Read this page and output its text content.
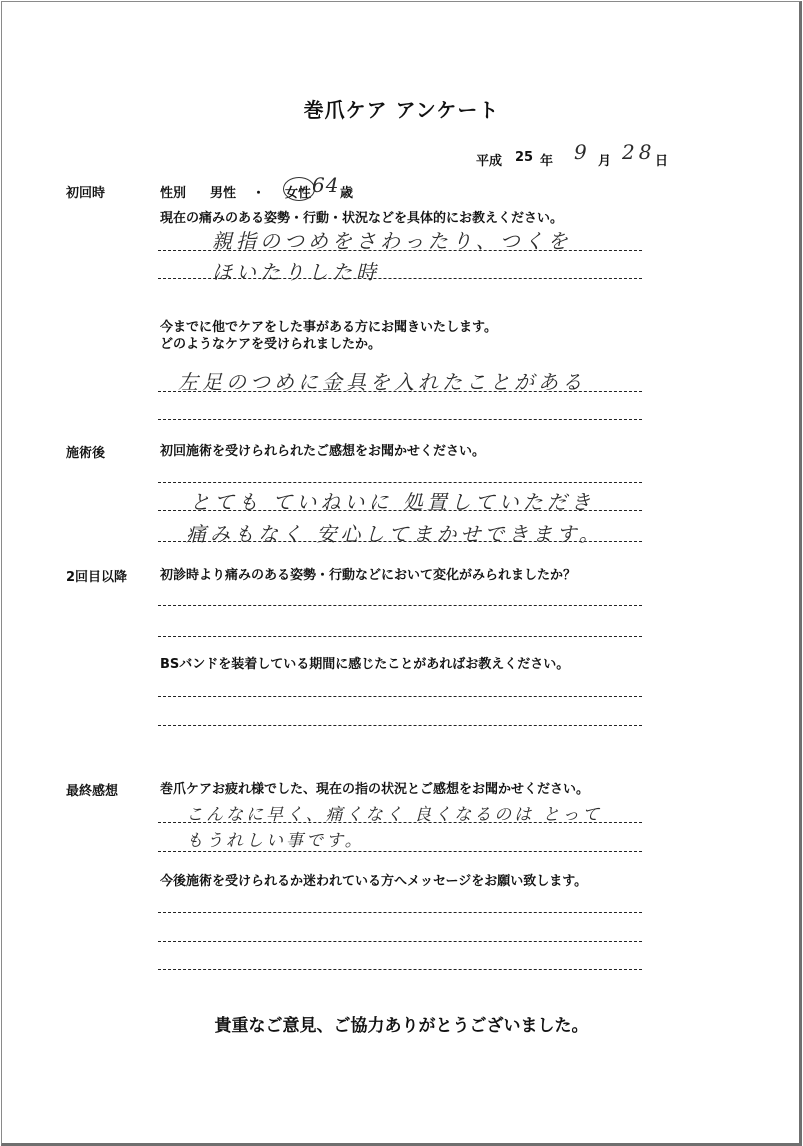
巻爪ケア アンケート
平成 25 年 9 月 28 日
初回時	性別 男性 ・ 女性 64 歳
現在の痛みのある姿勢・行動・状況などを具体的にお教えください。
親指のつめをさわったり、つくを
ほいたりした時
今までに他でケアをした事がある方にお聞きいたします。
どのようなケアを受けられましたか。
左足のつめに金具を入れたことがある
施術後	初回施術を受けられられたご感想をお聞かせください。
とても ていねいに 処置していただき
痛みもなく 安心してまかせできます。
2回目以降	初診時より痛みのある姿勢・行動などにおいて変化がみられましたか？
BSバンドを装着している期間に感じたことがあればお教えください。
最終感想	巻爪ケアお疲れ様でした、現在の指の状況とご感想をお聞かせください。
こんなに早く、痛くなく 良くなるのは とって
もうれしい事です。
今後施術を受けられるか迷われている方へメッセージをお願い致します。
貴重なご意見、ご協力ありがとうございました。
